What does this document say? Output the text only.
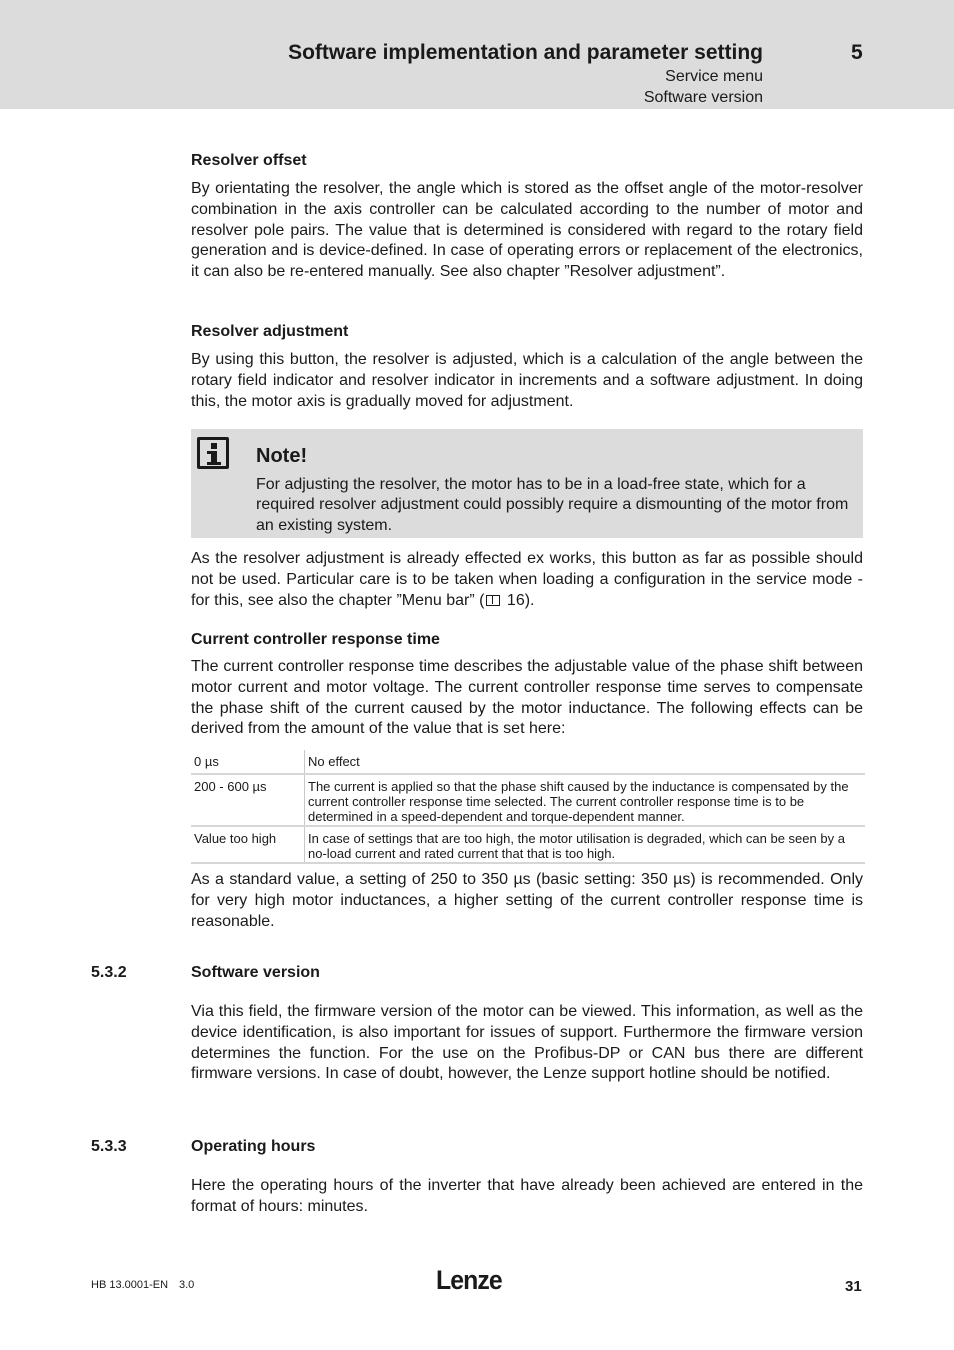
Software implementation and parameter setting	5
Service menu
Software version
Resolver offset

By orientating the resolver, the angle which is stored as the offset angle of the motor-resolver combination in the axis controller can be calculated according to the number of motor and resolver pole pairs. The value that is determined is considered with regard to the rotary field generation and is device-defined. In case of operating errors or replacement of the electronics, it can also be re-entered manually. See also chapter ”Resolver adjustment”.

Resolver adjustment

By using this button, the resolver is adjusted, which is a calculation of the angle between the rotary field indicator and resolver indicator in increments and a software adjustment. In doing this, the motor axis is gradually moved for adjustment.

Note!
For adjusting the resolver, the motor has to be in a load-free state, which for a required resolver adjustment could possibly require a dismounting of the motor from an existing system.

As the resolver adjustment is already effected ex works, this button as far as possible should not be used. Particular care is to be taken when loading a configuration in the service mode - for this, see also the chapter ”Menu bar” ( 16).

Current controller response time

The current controller response time describes the adjustable value of the phase shift between motor current and motor voltage. The current controller response time serves to compensate the phase shift of the current caused by the motor inductance. The following effects can be derived from the amount of the value that is set here:

0 µs	No effect
200 - 600 µs	The current is applied so that the phase shift caused by the inductance is compensated by the current controller response time selected. The current controller response time is to be determined in a speed-dependent and torque-dependent manner.
Value too high	In case of settings that are too high, the motor utilisation is degraded, which can be seen by a no-load current and rated current that that is too high.

As a standard value, a setting of 250 to 350 µs (basic setting: 350 µs) is recommended. Only for very high motor inductances, a higher setting of the current controller response time is reasonable.

5.3.2	Software version

Via this field, the firmware version of the motor can be viewed. This information, as well as the device identification, is also important for issues of support. Furthermore the firmware version determines the function. For the use on the Profibus-DP or CAN bus there are different firmware versions. In case of doubt, however, the Lenze support hotline should be notified.

5.3.3	Operating hours

Here the operating hours of the inverter that have already been achieved are entered in the format of hours: minutes.

HB 13.0001-EN 3.0	Lenze	31
